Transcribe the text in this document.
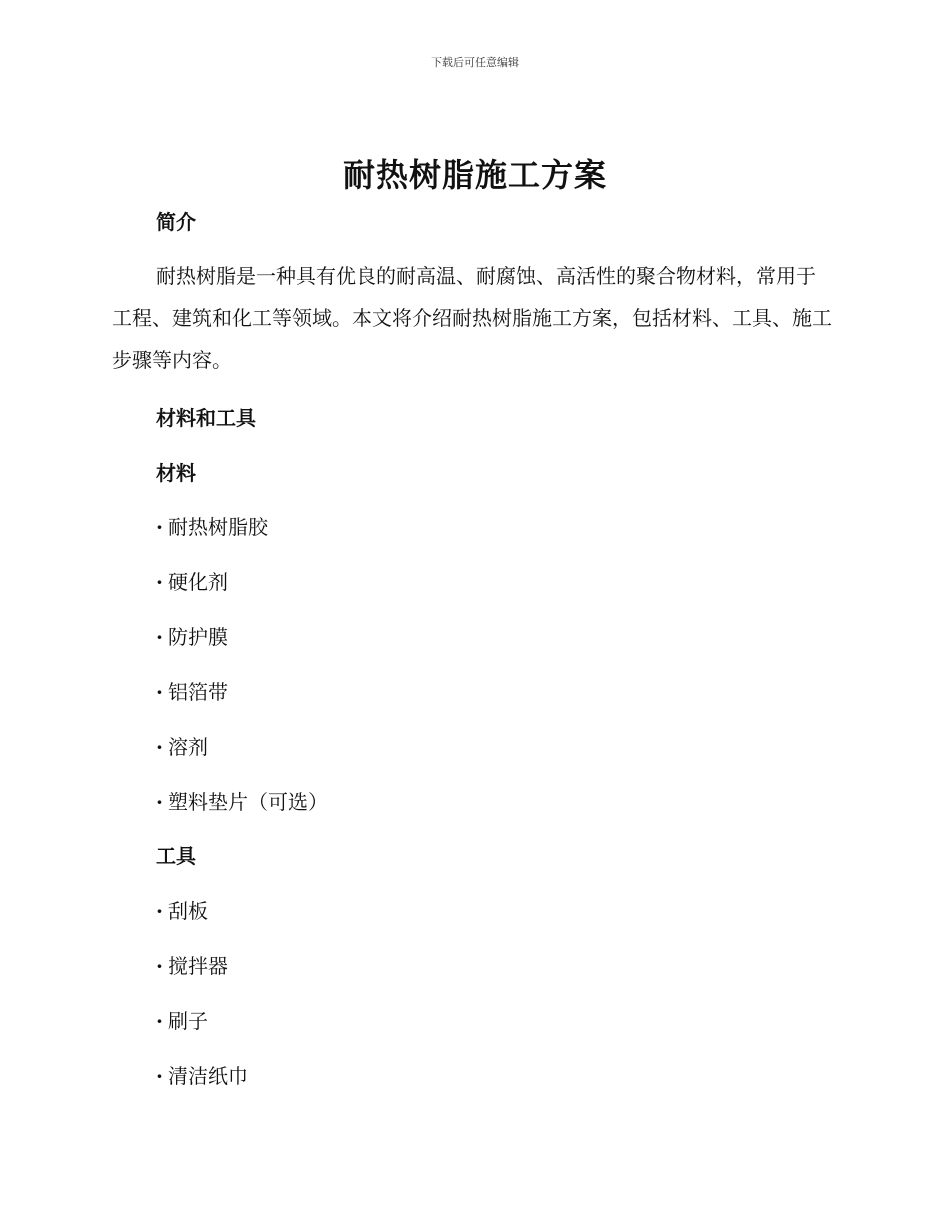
下载后可任意编辑
耐热树脂施工方案
简介
耐热树脂是一种具有优良的耐高温、耐腐蚀、高活性的聚合物材料，常用于工程、建筑和化工等领域。本文将介绍耐热树脂施工方案，包括材料、工具、施工步骤等内容。
材料和工具
材料
· 耐热树脂胶
· 硬化剂
· 防护膜
· 铝箔带
· 溶剂
· 塑料垫片（可选）
工具
· 刮板
· 搅拌器
· 刷子
· 清洁纸巾
